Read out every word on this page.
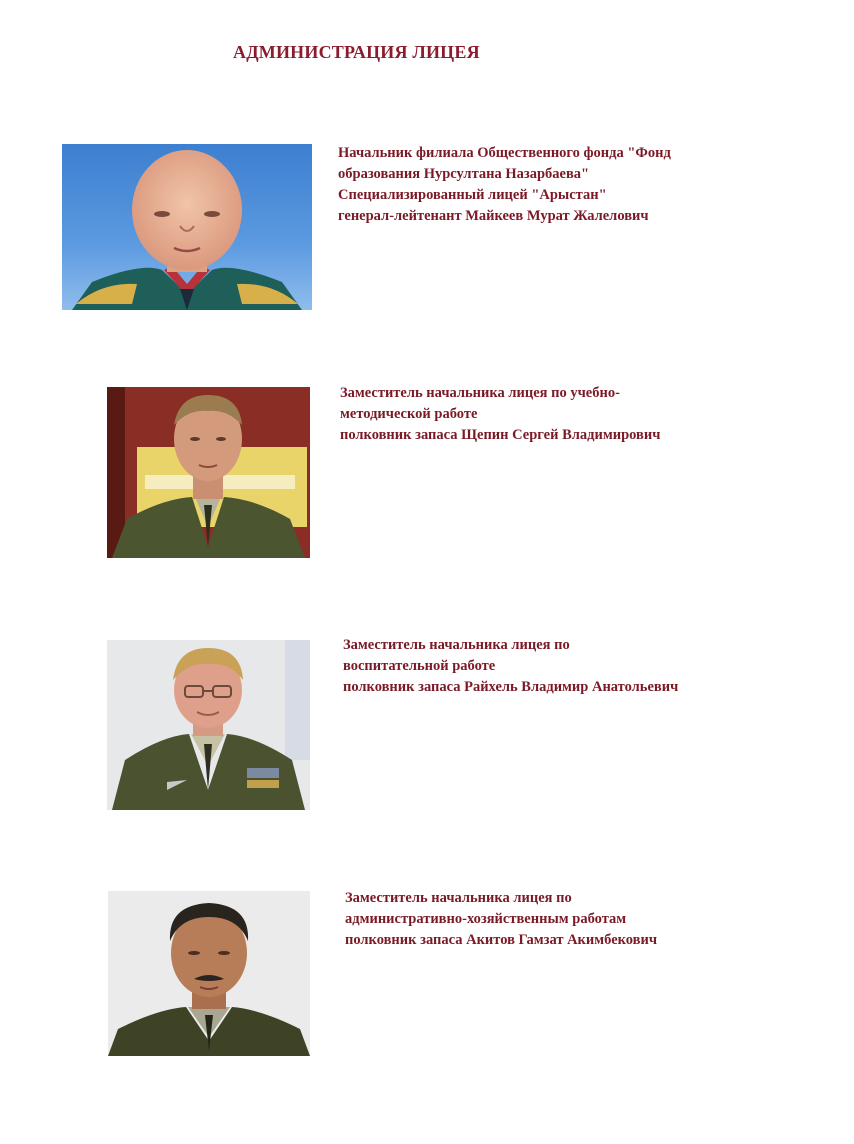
АДМИНИСТРАЦИЯ ЛИЦЕЯ
Начальник филиала Общественного фонда "Фонд
образования Нурсултана Назарбаева"
Специализированный лицей "Арыстан"
генерал-лейтенант Майкеев Мурат Жалелович
Заместитель начальника лицея по учебно-
методической работе
полковник запаса Щепин Сергей Владимирович
Заместитель начальника лицея по
воспитательной работе
полковник запаса Райхель Владимир Анатольевич
Заместитель начальника лицея по
административно-хозяйственным работам
полковник запаса Акитов Гамзат Акимбекович
